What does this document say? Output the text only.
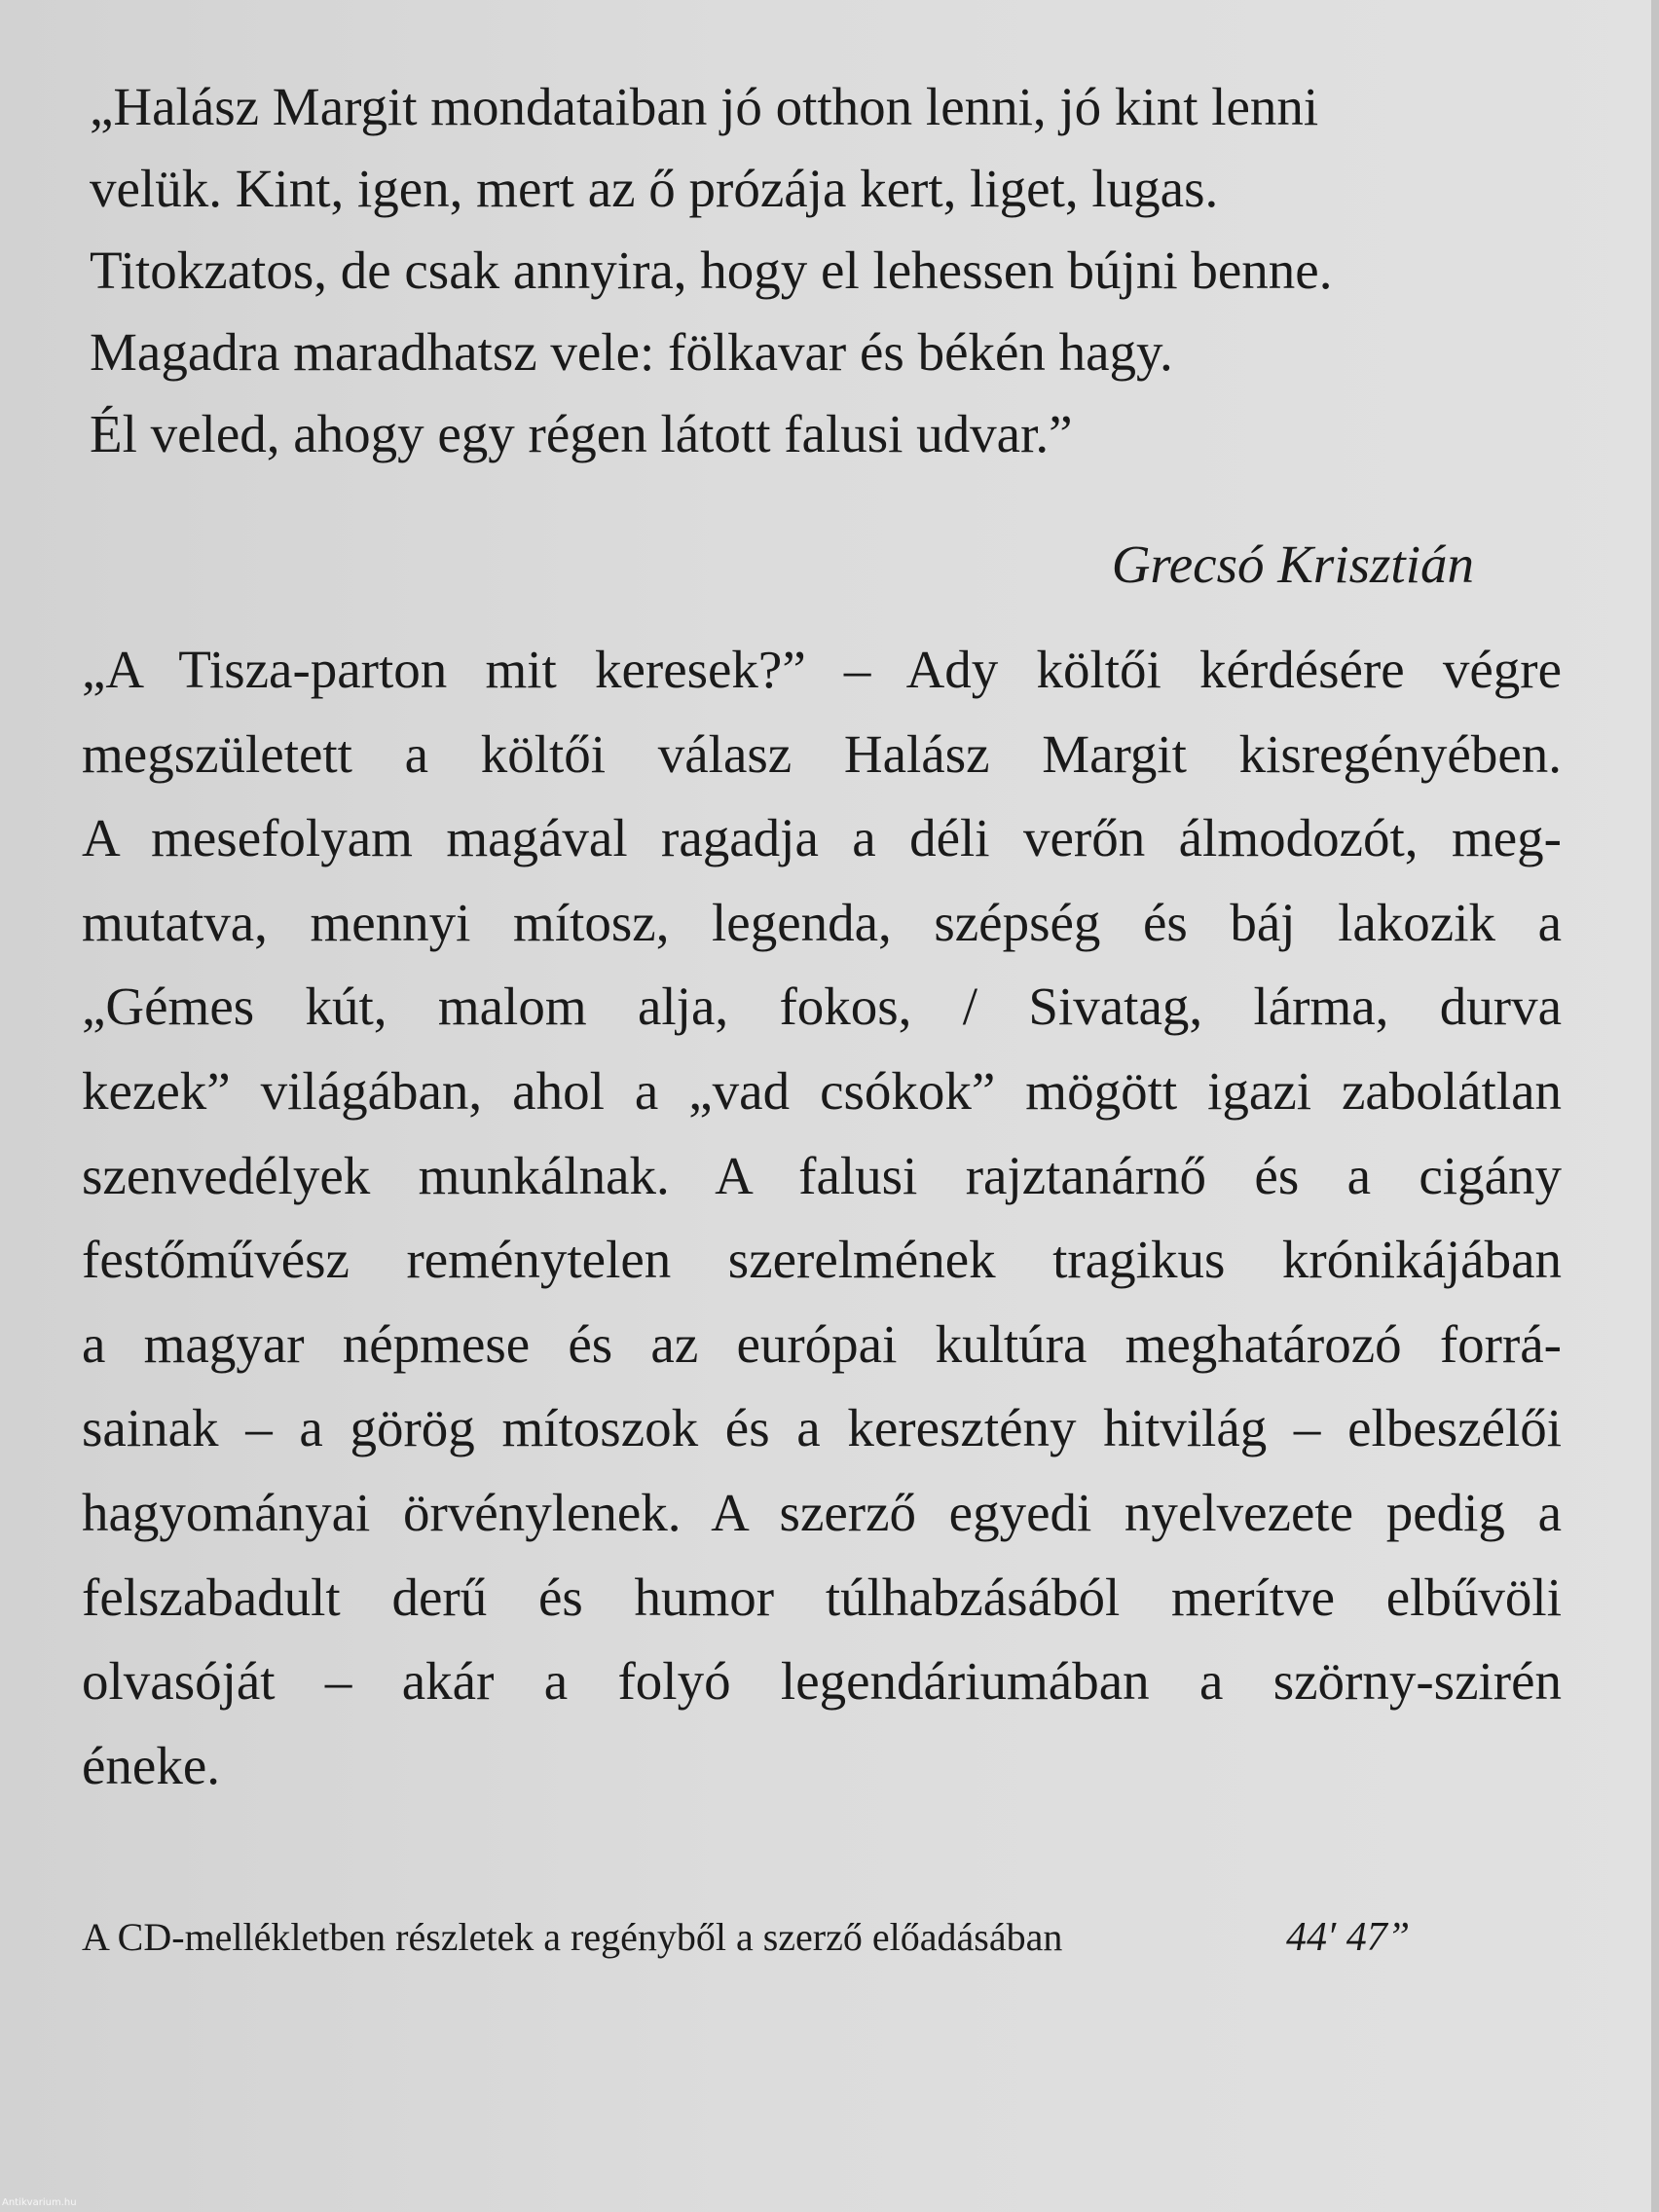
„Halász Margit mondataiban jó otthon lenni, jó kint lenni
velük. Kint, igen, mert az ő prózája kert, liget, lugas.
Titokzatos, de csak annyira, hogy el lehessen bújni benne.
Magadra maradhatsz vele: fölkavar és békén hagy.
Él veled, ahogy egy régen látott falusi udvar.”
Grecsó Krisztián
„A Tisza-parton mit keresek?” – Ady költői kérdésére végre
megszületett a költői válasz Halász Margit kisregényében.
A mesefolyam magával ragadja a déli verőn álmodozót, meg-
mutatva, mennyi mítosz, legenda, szépség és báj lakozik a
„Gémes kút, malom alja, fokos, / Sivatag, lárma, durva
kezek” világában, ahol a „vad csókok” mögött igazi zabolátlan
szenvedélyek munkálnak. A falusi rajztanárnő és a cigány
festőművész reménytelen szerelmének tragikus krónikájában
a magyar népmese és az európai kultúra meghatározó forrá-
sainak – a görög mítoszok és a keresztény hitvilág – elbeszélői
hagyományai örvénylenek. A szerző egyedi nyelvezete pedig a
felszabadult derű és humor túlhabzásából merítve elbűvöli
olvasóját – akár a folyó legendáriumában a szörny-szirén
éneke.
A CD-mellékletben részletek a regényből a szerző előadásában	44′ 47”
Antikvarium.hu
